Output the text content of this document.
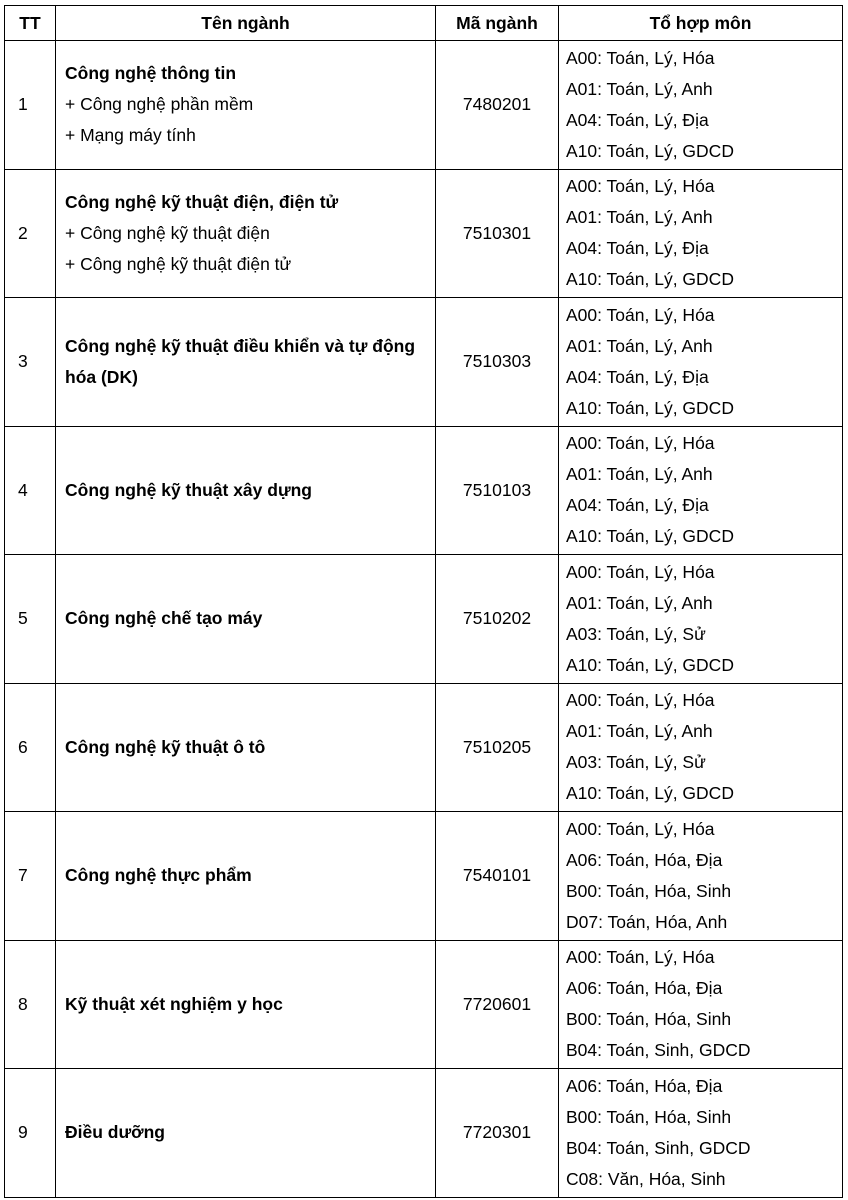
TT	Tên ngành	Mã ngành	Tổ hợp môn
1	Công nghệ thông tin
+ Công nghệ phần mềm
+ Mạng máy tính	7480201	A00: Toán, Lý, Hóa
A01: Toán, Lý, Anh
A04: Toán, Lý, Địa
A10: Toán, Lý, GDCD

2	Công nghệ kỹ thuật điện, điện tử
+ Công nghệ kỹ thuật điện
+ Công nghệ kỹ thuật điện tử	7510301	A00: Toán, Lý, Hóa
A01: Toán, Lý, Anh
A04: Toán, Lý, Địa
A10: Toán, Lý, GDCD

3	Công nghệ kỹ thuật điều khiển và tự động hóa (DK)	7510303	A00: Toán, Lý, Hóa
A01: Toán, Lý, Anh
A04: Toán, Lý, Địa
A10: Toán, Lý, GDCD

4	Công nghệ kỹ thuật xây dựng	7510103	A00: Toán, Lý, Hóa
A01: Toán, Lý, Anh
A04: Toán, Lý, Địa
A10: Toán, Lý, GDCD

5	Công nghệ chế tạo máy	7510202	A00: Toán, Lý, Hóa
A01: Toán, Lý, Anh
A03: Toán, Lý, Sử
A10: Toán, Lý, GDCD

6	Công nghệ kỹ thuật ô tô	7510205	A00: Toán, Lý, Hóa
A01: Toán, Lý, Anh
A03: Toán, Lý, Sử
A10: Toán, Lý, GDCD

7	Công nghệ thực phẩm	7540101	A00: Toán, Lý, Hóa
A06: Toán, Hóa, Địa
B00: Toán, Hóa, Sinh
D07: Toán, Hóa, Anh

8	Kỹ thuật xét nghiệm y học	7720601	A00: Toán, Lý, Hóa
A06: Toán, Hóa, Địa
B00: Toán, Hóa, Sinh
B04: Toán, Sinh, GDCD

9	Điều dưỡng	7720301	A06: Toán, Hóa, Địa
B00: Toán, Hóa, Sinh
B04: Toán, Sinh, GDCD
C08: Văn, Hóa, Sinh
